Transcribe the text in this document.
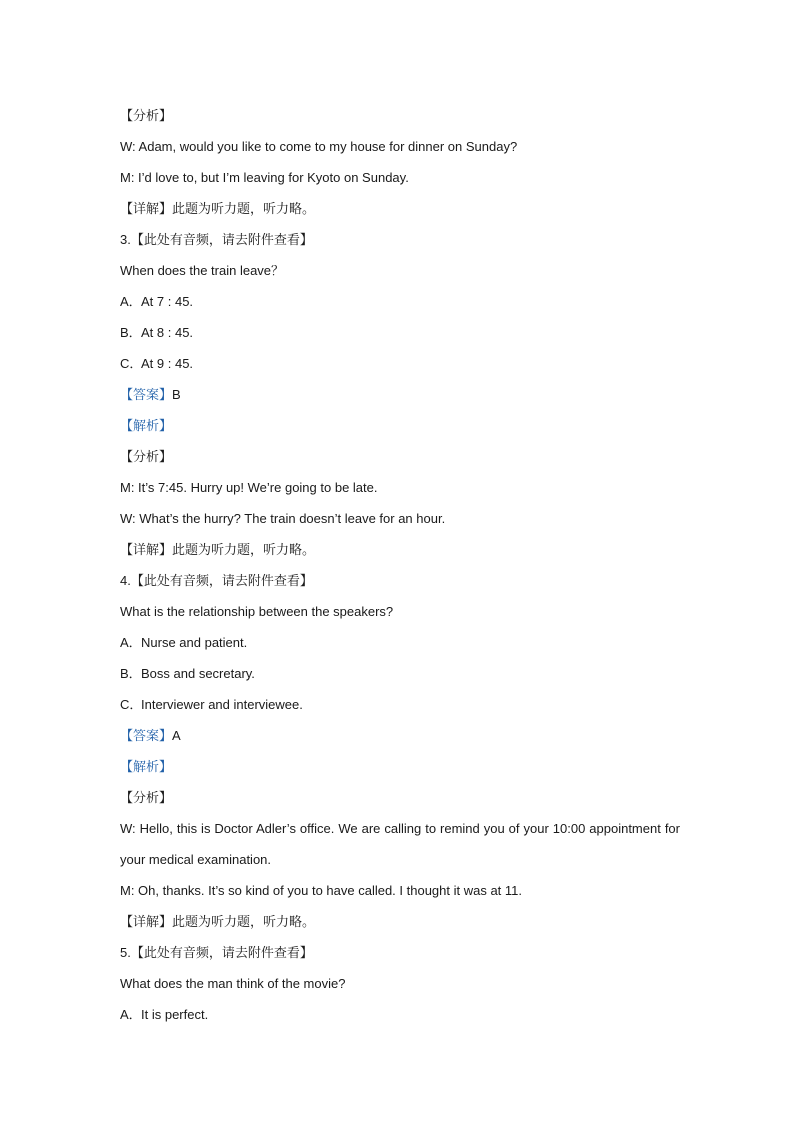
【分析】
W: Adam, would you like to come to my house for dinner on Sunday?
M: I’d love to, but I’m leaving for Kyoto on Sunday.
【详解】此题为听力题，听力略。
3.【此处有音频，请去附件查看】
When does the train leave？
A．At 7 : 45.
B．At 8 : 45.
C．At 9 : 45.
【答案】B
【解析】
【分析】
M: It’s 7:45. Hurry up! We’re going to be late.
W: What’s the hurry? The train doesn’t leave for an hour.
【详解】此题为听力题，听力略。
4.【此处有音频，请去附件查看】
What is the relationship between the speakers?
A．Nurse and patient.
B．Boss and secretary.
C．Interviewer and interviewee.
【答案】A
【解析】
【分析】
W: Hello, this is Doctor Adler’s office. We are calling to remind you of your 10:00 appointment for your medical examination.
M: Oh, thanks. It’s so kind of you to have called. I thought it was at 11.
【详解】此题为听力题，听力略。
5.【此处有音频，请去附件查看】
What does the man think of the movie?
A．It is perfect.
